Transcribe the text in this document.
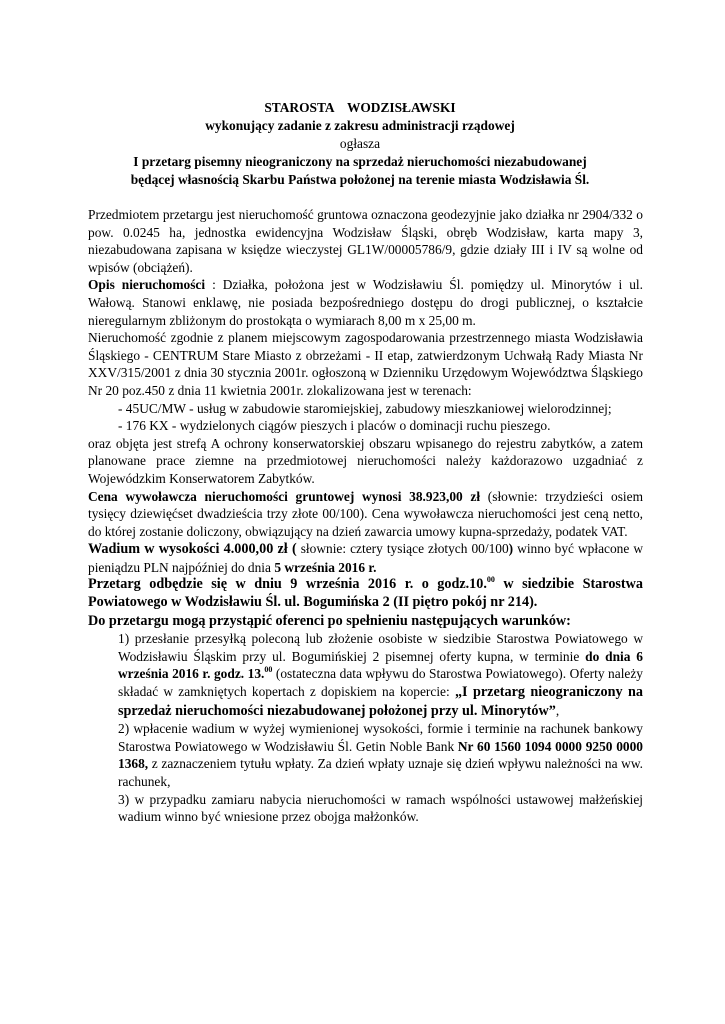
STAROSTA    WODZISŁAWSKI
wykonujący zadanie z zakresu administracji rządowej
ogłasza
I przetarg pisemny nieograniczony na sprzedaż nieruchomości niezabudowanej
będącej własnością Skarbu Państwa położonej na terenie miasta Wodzisławia Śl.

Przedmiotem przetargu jest nieruchomość gruntowa oznaczona geodezyjnie jako działka nr 2904/332 o pow. 0.0245 ha, jednostka ewidencyjna Wodzisław Śląski, obręb Wodzisław, karta mapy 3, niezabudowana zapisana w księdze wieczystej GL1W/00005786/9, gdzie działy III i IV są wolne od wpisów (obciążeń).

Opis nieruchomości : Działka, położona jest w Wodzisławiu Śl. pomiędzy ul. Minorytów i ul. Wałową. Stanowi enklawę, nie posiada bezpośredniego dostępu do drogi publicznej, o kształcie nieregularnym zbliżonym do prostokąta o wymiarach 8,00 m x 25,00 m.

Nieruchomość zgodnie z planem miejscowym zagospodarowania przestrzennego miasta Wodzisławia Śląskiego - CENTRUM Stare Miasto z obrzeżami - II etap, zatwierdzonym Uchwałą Rady Miasta Nr XXV/315/2001 z dnia 30 stycznia 2001r. ogłoszoną w Dzienniku Urzędowym Województwa Śląskiego Nr 20 poz.450 z dnia 11 kwietnia 2001r. zlokalizowana jest w terenach:

- 45UC/MW - usług w zabudowie staromiejskiej, zabudowy mieszkaniowej wielorodzinnej;

- 176 KX - wydzielonych ciągów pieszych i placów o dominacji ruchu pieszego.

oraz objęta jest strefą A ochrony konserwatorskiej obszaru wpisanego do rejestru zabytków, a zatem planowane prace ziemne na przedmiotowej nieruchomości należy każdorazowo uzgadniać z Wojewódzkim Konserwatorem Zabytków.

Cena wywoławcza nieruchomości gruntowej wynosi 38.923,00 zł (słownie: trzydzieści osiem tysięcy dziewięćset dwadzieścia trzy złote 00/100). Cena wywoławcza nieruchomości jest ceną netto, do której zostanie doliczony, obwiązujący na dzień zawarcia umowy kupna-sprzedaży, podatek VAT.

Wadium w wysokości 4.000,00 zł ( słownie: cztery tysiące złotych 00/100) winno być wpłacone w pieniądzu PLN najpóźniej do dnia 5 września 2016 r.

Przetarg odbędzie się w dniu 9 września 2016 r. o godz.10.00 w siedzibie Starostwa Powiatowego w Wodzisławiu Śl. ul. Bogumińska 2 (II piętro pokój nr 214).

Do przetargu mogą przystąpić oferenci po spełnieniu następujących warunków:

1) przesłanie przesyłką poleconą lub złożenie osobiste w siedzibie Starostwa Powiatowego w Wodzisławiu Śląskim przy ul. Bogumińskiej 2 pisemnej oferty kupna, w terminie do dnia 6 września 2016 r. godz. 13.00 (ostateczna data wpływu do Starostwa Powiatowego). Oferty należy składać w zamkniętych kopertach z dopiskiem na kopercie: „I przetarg nieograniczony na sprzedaż nieruchomości niezabudowanej położonej przy ul. Minorytów”,

2) wpłacenie wadium w wyżej wymienionej wysokości, formie i terminie na rachunek bankowy Starostwa Powiatowego w Wodzisławiu Śl. Getin Noble Bank Nr 60 1560 1094 0000 9250 0000 1368, z zaznaczeniem tytułu wpłaty. Za dzień wpłaty uznaje się dzień wpływu należności na ww. rachunek,

3) w przypadku zamiaru nabycia nieruchomości w ramach wspólności ustawowej małżeńskiej wadium winno być wniesione przez obojga małżonków.
